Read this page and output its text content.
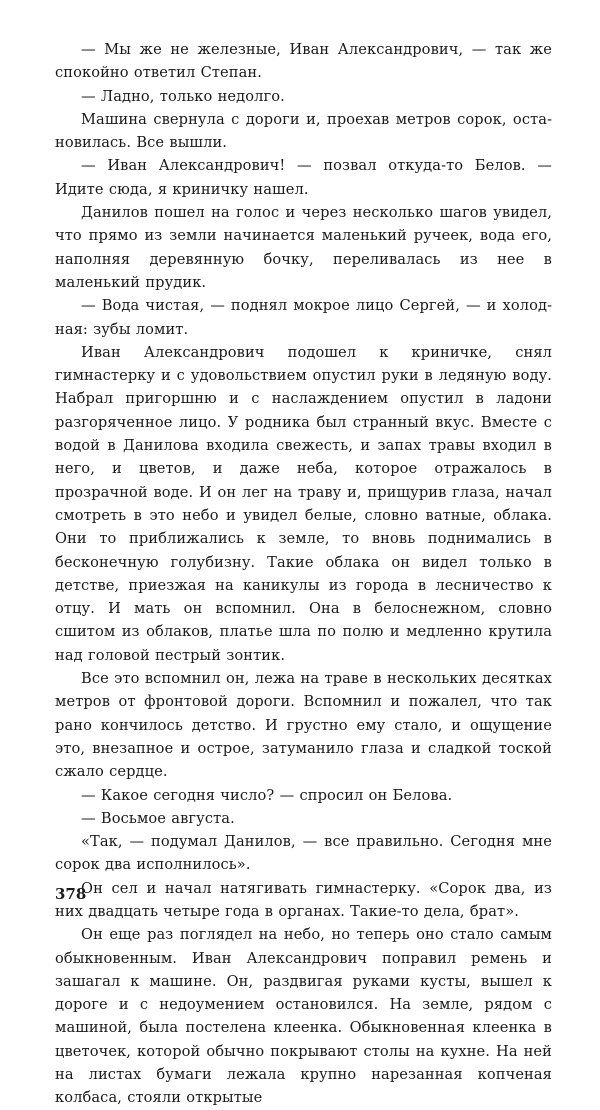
— Мы же не железные, Иван Александрович, — так же спокойно ответил Степан.

— Ладно, только недолго.

Машина свернула с дороги и, проехав метров сорок, остановилась. Все вышли.

— Иван Александрович! — позвал откуда-то Белов. — Идите сюда, я криничку нашел.

Данилов пошел на голос и через несколько шагов увидел, что прямо из земли начинается маленький ручеек, вода его, наполняя деревянную бочку, переливалась из нее в маленький прудик.

— Вода чистая, — поднял мокрое лицо Сергей, — и холодная: зубы ломит.

Иван Александрович подошел к криничке, снял гимнастерку и с удовольствием опустил руки в ледяную воду. Набрал пригоршню и с наслаждением опустил в ладони разгоряченное лицо. У родника был странный вкус. Вместе с водой в Данилова входила свежесть, и запах травы входил в него, и цветов, и даже неба, которое отражалось в прозрачной воде. И он лег на траву и, прищурив глаза, начал смотреть в это небо и увидел белые, словно ватные, облака. Они то приближались к земле, то вновь поднимались в бесконечную голубизну. Такие облака он видел только в детстве, приезжая на каникулы из города в лесничество к отцу. И мать он вспомнил. Она в белоснежном, словно сшитом из облаков, платье шла по полю и медленно крутила над головой пестрый зонтик.

Все это вспомнил он, лежа на траве в нескольких десятках метров от фронтовой дороги. Вспомнил и пожалел, что так рано кончилось детство. И грустно ему стало, и ощущение это, внезапное и острое, затуманило глаза и сладкой тоской сжало сердце.

— Какое сегодня число? — спросил он Белова.

— Восьмое августа.

«Так, — подумал Данилов, — все правильно. Сегодня мне сорок два исполнилось».

Он сел и начал натягивать гимнастерку. «Сорок два, из них двадцать четыре года в органах. Такие-то дела, брат».

Он еще раз поглядел на небо, но теперь оно стало самым обыкновенным. Иван Александрович поправил ремень и зашагал к машине. Он, раздвигая руками кусты, вышел к дороге и с недоумением остановился. На земле, рядом с машиной, была постелена клеенка. Обыкновенная клеенка в цветочек, которой обычно покрывают столы на кухне. На ней на листах бумаги лежала крупно нарезанная копченая колбаса, стояли открытые

378
